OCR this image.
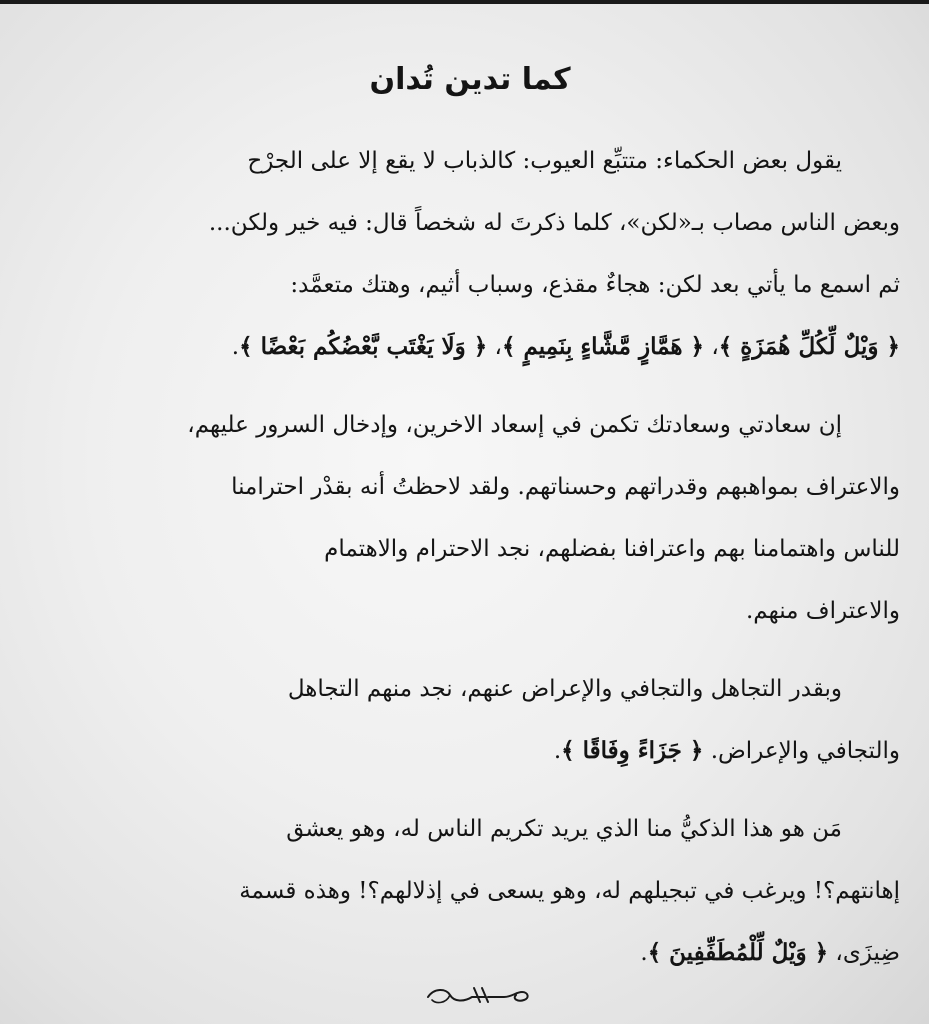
كما تدين تُدان

يقول بعض الحكماء: متتبِّع العيوب: كالذباب لا يقع إلا على الجرْح
وبعض الناس مصاب بـ«لكن»، كلما ذكرتَ له شخصاً قال: فيه خير ولكن...
ثم اسمع ما يأتي بعد لكن: هجاءٌ مقذع، وسباب أثيم، وهتك متعمَّد:
﴿ وَيْلٌ لِّكُلِّ هُمَزَةٍ ﴾، ﴿ هَمَّازٍ مَّشَّاءٍ بِنَمِيمٍ ﴾، ﴿ وَلَا يَغْتَب بَّعْضُكُم بَعْضًا ﴾.

إن سعادتي وسعادتك تكمن في إسعاد الاخرين، وإدخال السرور عليهم،
والاعتراف بمواهبهم وقدراتهم وحسناتهم. ولقد لاحظتُ أنه بقدْر احترامنا
للناس واهتمامنا بهم واعترافنا بفضلهم، نجد الاحترام والاهتمام
والاعتراف منهم.

وبقدر التجاهل والتجافي والإعراض عنهم، نجد منهم التجاهل
والتجافي والإعراض. ﴿ جَزَاءً وِفَاقًا ﴾.

مَن هو هذا الذكيُّ منا الذي يريد تكريم الناس له، وهو يعشق
إهانتهم؟! ويرغب في تبجيلهم له، وهو يسعى في إذلالهم؟! وهذه قسمة
ضِيزَى، ﴿ وَيْلٌ لِّلْمُطَفِّفِينَ ﴾.
